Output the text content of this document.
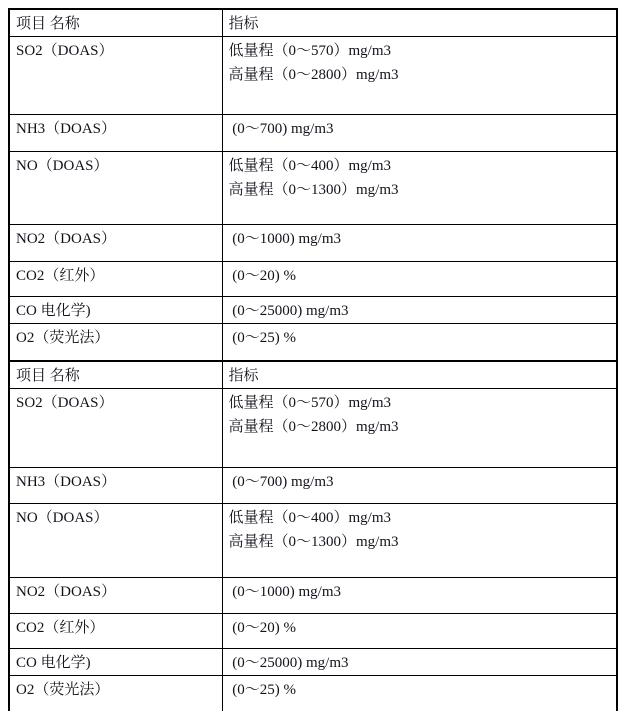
项目 名称	指标
SO2（DOAS）	低量程（0～570）mg/m3
高量程（0～2800）mg/m3

NH3（DOAS）	(0～700) mg/m3

NO（DOAS）	低量程（0～400）mg/m3
高量程（0～1300）mg/m3

NO2（DOAS）	(0～1000) mg/m3

CO2（红外）	(0～20) %

CO 电化学)	(0～25000) mg/m3

O2（荧光法）	(0～25) %

项目 名称	指标
SO2（DOAS）	低量程（0～570）mg/m3
高量程（0～2800）mg/m3

NH3（DOAS）	(0～700) mg/m3

NO（DOAS）	低量程（0～400）mg/m3
高量程（0～1300）mg/m3

NO2（DOAS）	(0～1000) mg/m3

CO2（红外）	(0～20) %

CO 电化学)	(0～25000) mg/m3

O2（荧光法）	(0～25) %
